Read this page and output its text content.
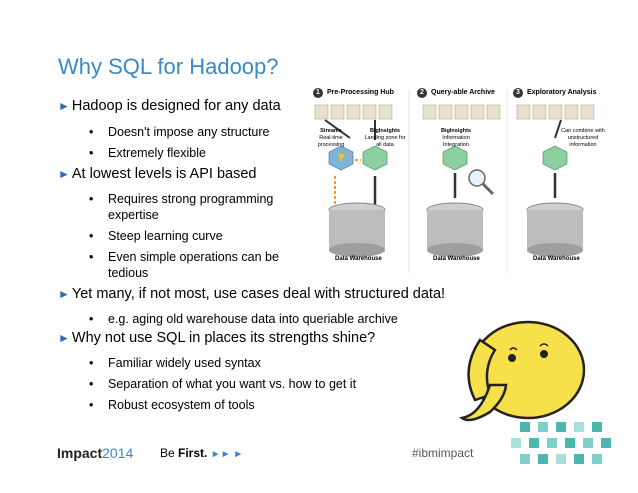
Why SQL for Hadoop?
► Hadoop is designed for any data
• Doesn't impose any structure
• Extremely flexible
► At lowest levels is API based
• Requires strong programming
expertise
• Steep learning curve
• Even simple operations can be
tedious
► Yet many, if not most, use cases deal with structured data!
• e.g. aging old warehouse data into queriable archive
► Why not use SQL in places its strengths shine?
• Familiar widely used syntax
• Separation of what you want vs. how to get it
• Robust ecosystem of tools
1 Pre-Processing Hub	2 Query-able Archive	3 Exploratory Analysis
Streams
Real-time processing
BigInsights
Landing zone for all data
BigInsights
Information Integration
Can combine with unstructured information
Data Warehouse	Data Warehouse	Data Warehouse
Impact2014 Be First. ►► ►	#ibmimpact
